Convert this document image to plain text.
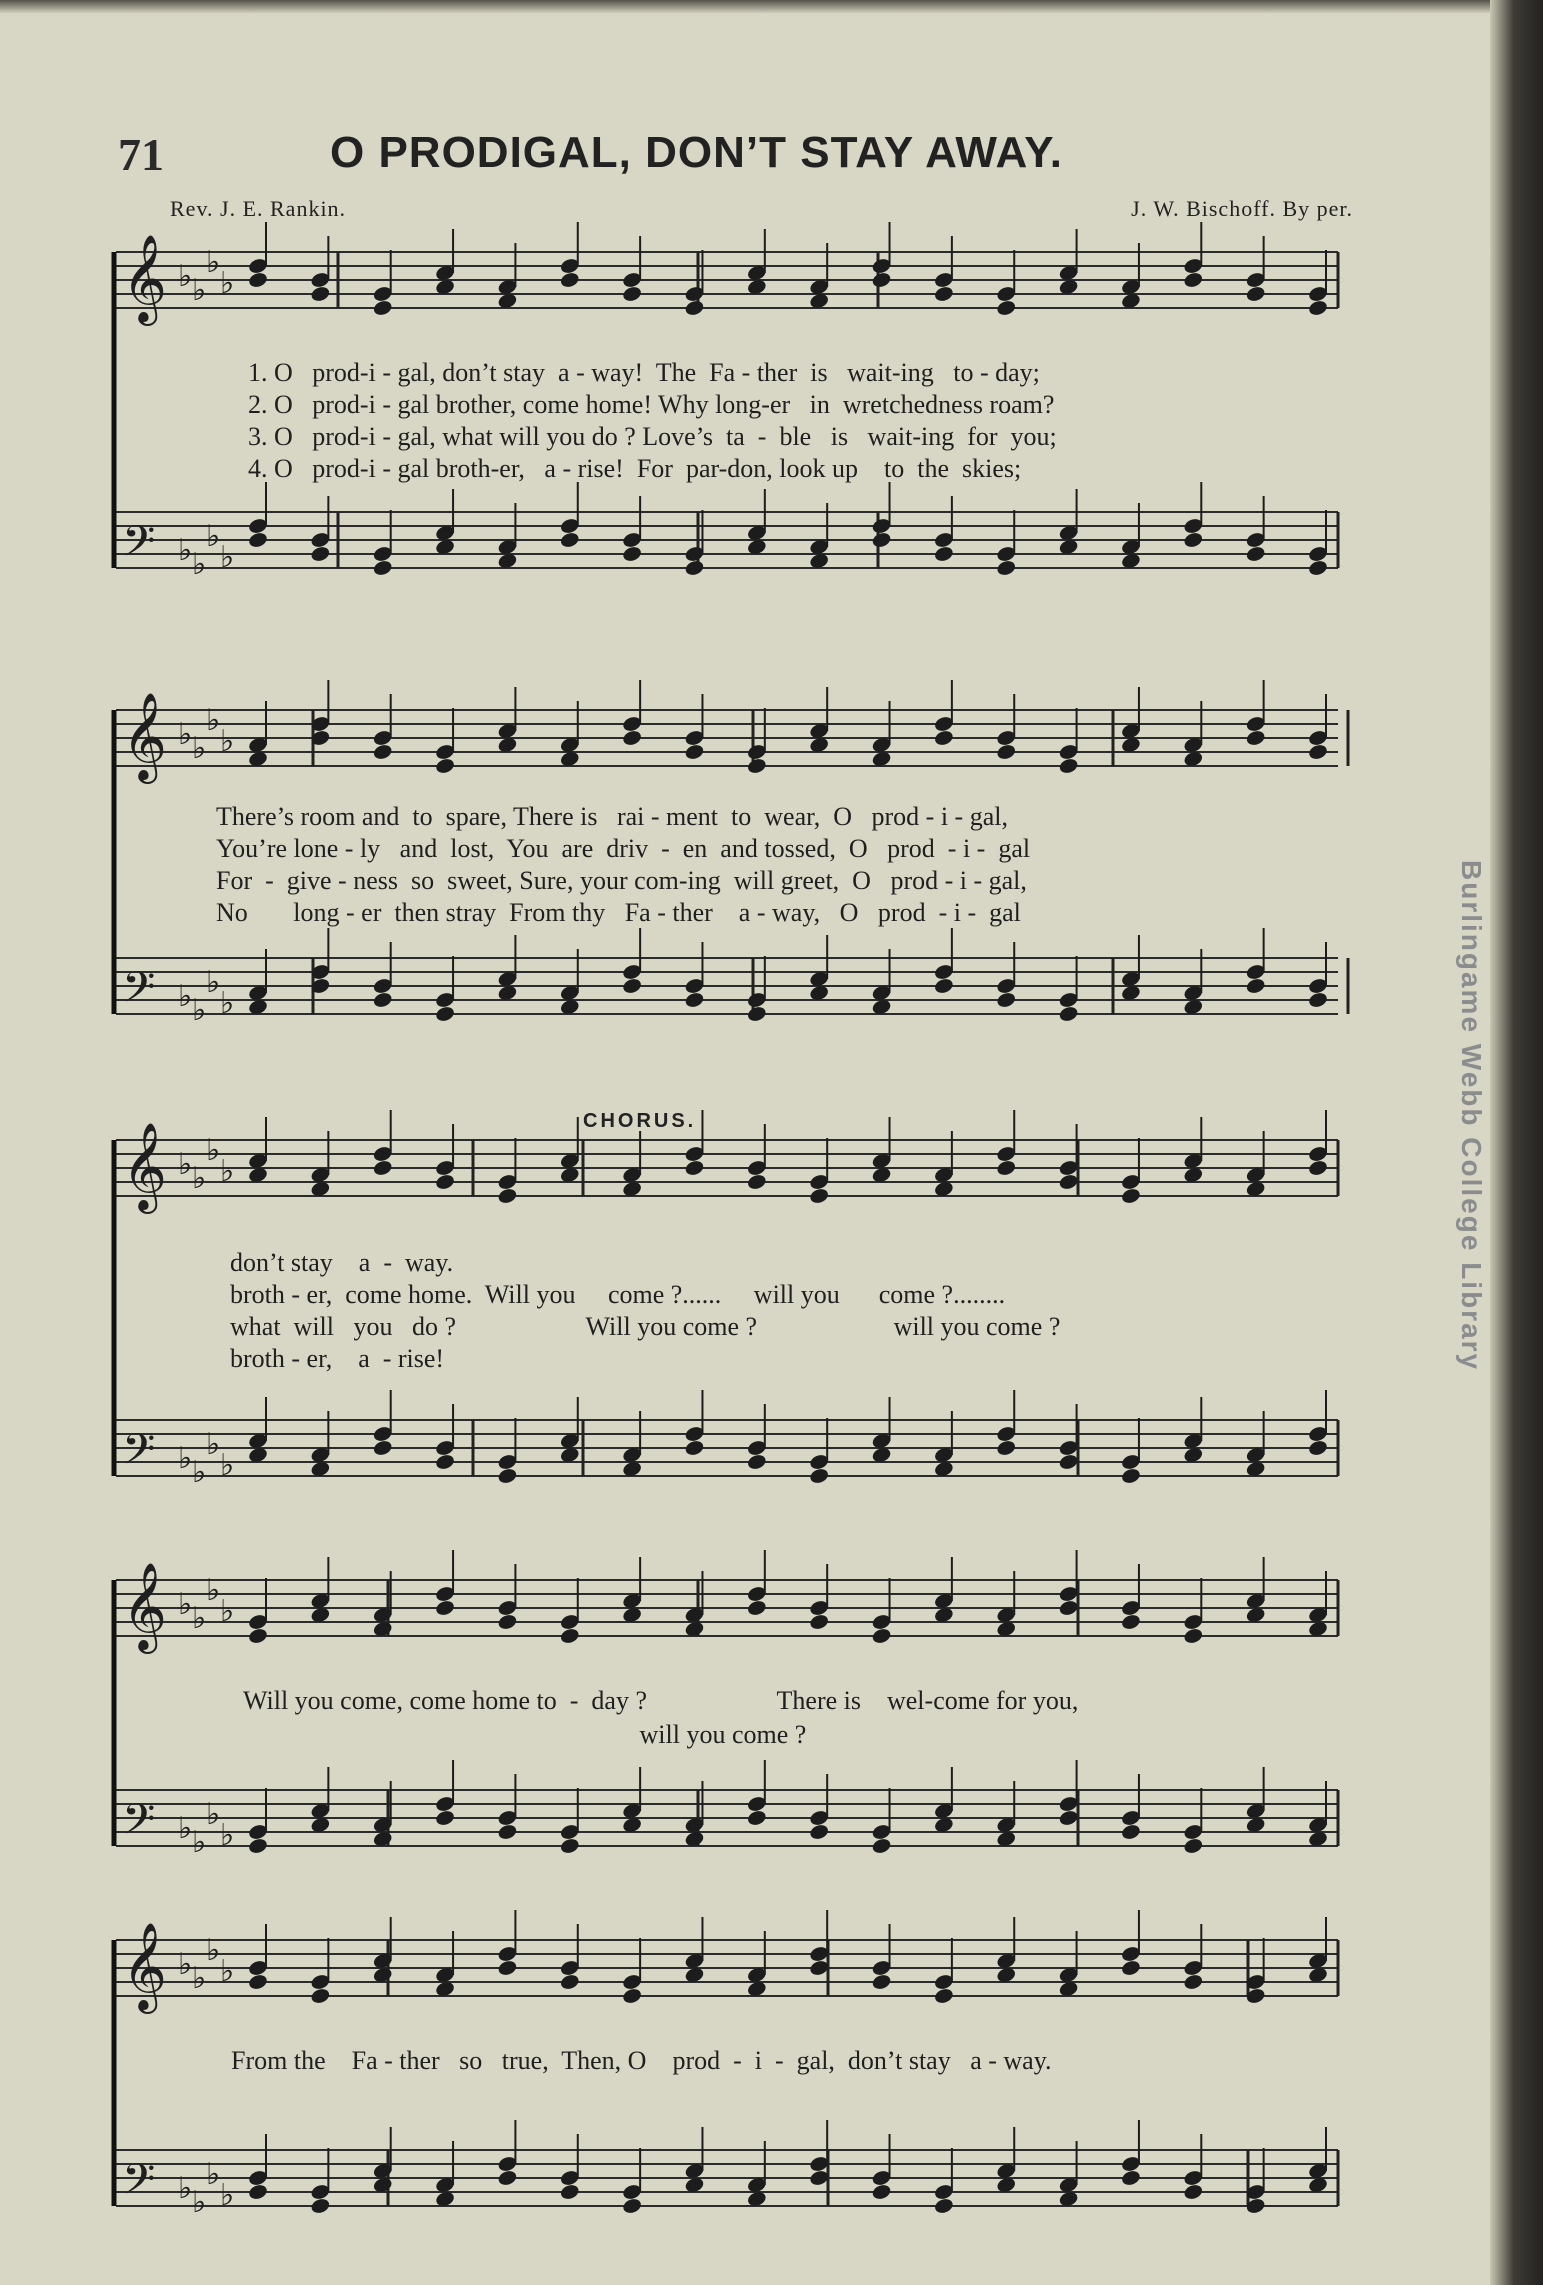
71	O PRODIGAL, DON’T STAY AWAY.
Rev. J. E. Rankin.	J. W. Bischoff. By per.
𝄞 ♭ ♭
♭
♭
𝄢 ♭ ♭
♭
♭
1. O   prod-i - gal, don’t stay  a - way!  The  Fa - ther  is   wait-ing   to - day;
2. O   prod-i - gal brother, come home! Why long-er   in  wretchedness roam?
3. O   prod-i - gal, what will you do ? Love’s  ta  -  ble   is   wait-ing  for  you;
4. O   prod-i - gal broth-er,   a - rise!  For  par-don, look up    to  the  skies;
𝄞 ♭ ♭
♭
♭
𝄢 ♭ ♭
♭
♭
There’s room and  to  spare, There is   rai - ment  to  wear,  O   prod - i - gal,
You’re lone - ly   and  lost,  You  are  driv  -  en  and tossed,  O   prod  - i -  gal
For  -  give - ness  so  sweet, Sure, your com-ing  will greet,  O   prod - i - gal,
No       long - er  then stray  From thy   Fa - ther    a - way,   O   prod  - i -  gal
CHORUS.
𝄞 ♭ ♭
♭
♭
𝄢 ♭ ♭
♭
♭
don’t stay    a  -  way.
broth - er,  come home.  Will you     come ?......     will you      come ?........
what  will   you   do ?                    Will you come ?                     will you come ?
broth - er,    a  - rise!
𝄞 ♭ ♭
♭
♭
𝄢 ♭ ♭
♭
♭
Will you come, come home to  -  day ?                    There is    wel-come for you,
will you come ?
𝄞 ♭ ♭
♭
♭
𝄢 ♭ ♭
♭
♭
From the    Fa - ther   so   true,  Then, O    prod  -  i  -  gal,  don’t stay   a - way.
Burlingame Webb College Library
